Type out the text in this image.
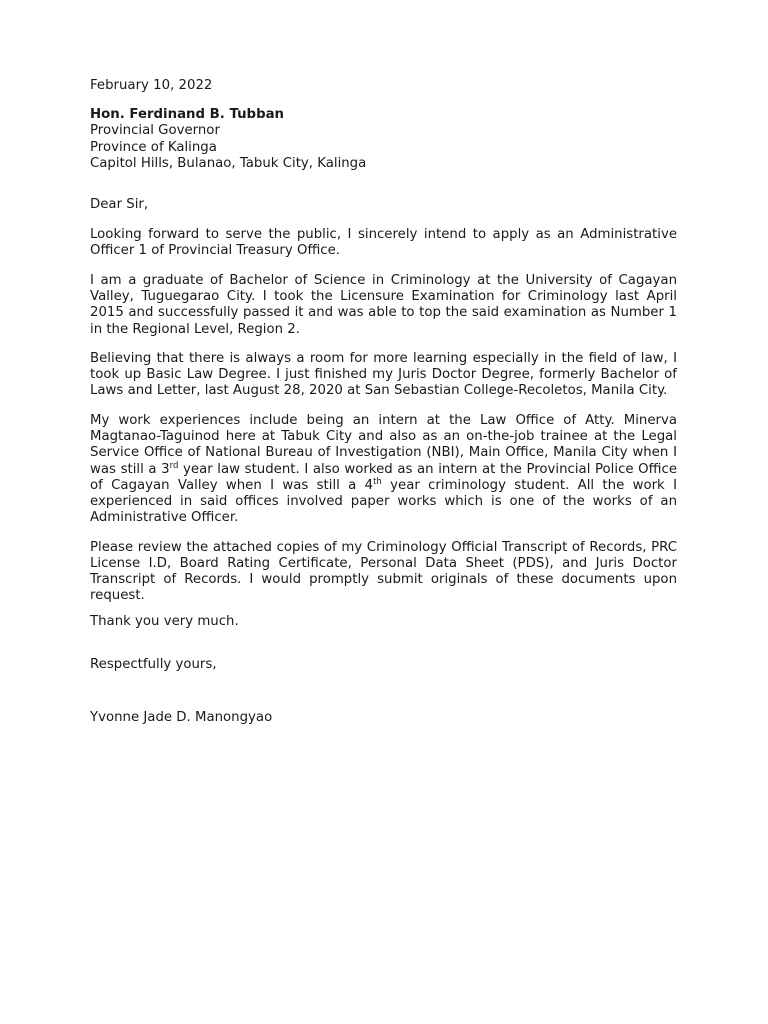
February 10, 2022
Hon. Ferdinand B. Tubban
Provincial Governor
Province of Kalinga
Capitol Hills, Bulanao, Tabuk City, Kalinga
Dear Sir,

Looking forward to serve the public, I sincerely intend to apply as an Administrative Officer 1 of Provincial Treasury Office.

I am a graduate of Bachelor of Science in Criminology at the University of Cagayan Valley, Tuguegarao City. I took the Licensure Examination for Criminology last April 2015 and successfully passed it and was able to top the said examination as Number 1 in the Regional Level, Region 2.

Believing that there is always a room for more learning especially in the field of law, I took up Basic Law Degree. I just finished my Juris Doctor Degree, formerly Bachelor of Laws and Letter, last August 28, 2020 at San Sebastian College-Recoletos, Manila City.

My work experiences include being an intern at the Law Office of Atty. Minerva Magtanao-Taguinod here at Tabuk City and also as an on-the-job trainee at the Legal Service Office of National Bureau of Investigation (NBI), Main Office, Manila City when I was still a 3rd year law student. I also worked as an intern at the Provincial Police Office of Cagayan Valley when I was still a 4th year criminology student. All the work I experienced in said offices involved paper works which is one of the works of an Administrative Officer.

Please review the attached copies of my Criminology Official Transcript of Records, PRC License I.D, Board Rating Certificate, Personal Data Sheet (PDS), and Juris Doctor Transcript of Records. I would promptly submit originals of these documents upon request.

Thank you very much.
Respectfully yours,
Yvonne Jade D. Manongyao
